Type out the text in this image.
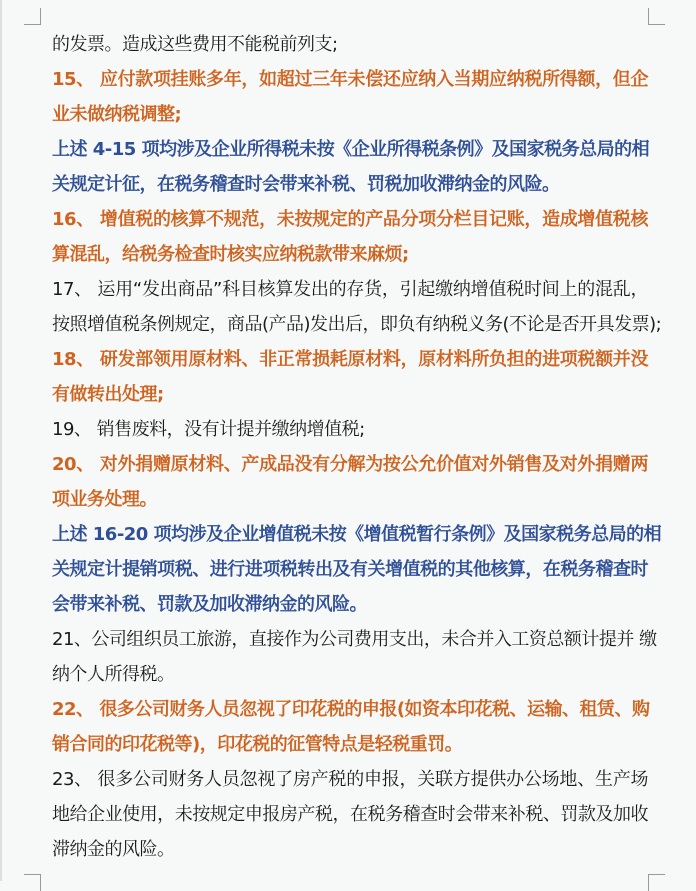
的发票。造成这些费用不能税前列支;
15、 应付款项挂账多年，如超过三年未偿还应纳入当期应纳税所得额，但企
业未做纳税调整;
上述 4-15 项均涉及企业所得税未按《企业所得税条例》及国家税务总局的相
关规定计征，在税务稽查时会带来补税、罚税加收滞纳金的风险。
16、 增值税的核算不规范，未按规定的产品分项分栏目记账，造成增值税核
算混乱，给税务检查时核实应纳税款带来麻烦;
17、 运用“发出商品”科目核算发出的存货，引起缴纳增值税时间上的混乱，
按照增值税条例规定，商品(产品)发出后，即负有纳税义务(不论是否开具发票);
18、 研发部领用原材料、非正常损耗原材料，原材料所负担的进项税额并没
有做转出处理;
19、 销售废料，没有计提并缴纳增值税;
20、 对外捐赠原材料、产成品没有分解为按公允价值对外销售及对外捐赠两
项业务处理。
上述 16-20 项均涉及企业增值税未按《增值税暂行条例》及国家税务总局的相
关规定计提销项税、进行进项税转出及有关增值税的其他核算，在税务稽查时
会带来补税、罚款及加收滞纳金的风险。
21、公司组织员工旅游，直接作为公司费用支出，未合并入工资总额计提并 缴
纳个人所得税。
22、 很多公司财务人员忽视了印花税的申报(如资本印花税、运输、租赁、购
销合同的印花税等)，印花税的征管特点是轻税重罚。
23、 很多公司财务人员忽视了房产税的申报，关联方提供办公场地、生产场
地给企业使用，未按规定申报房产税，在税务稽查时会带来补税、罚款及加收
滞纳金的风险。
